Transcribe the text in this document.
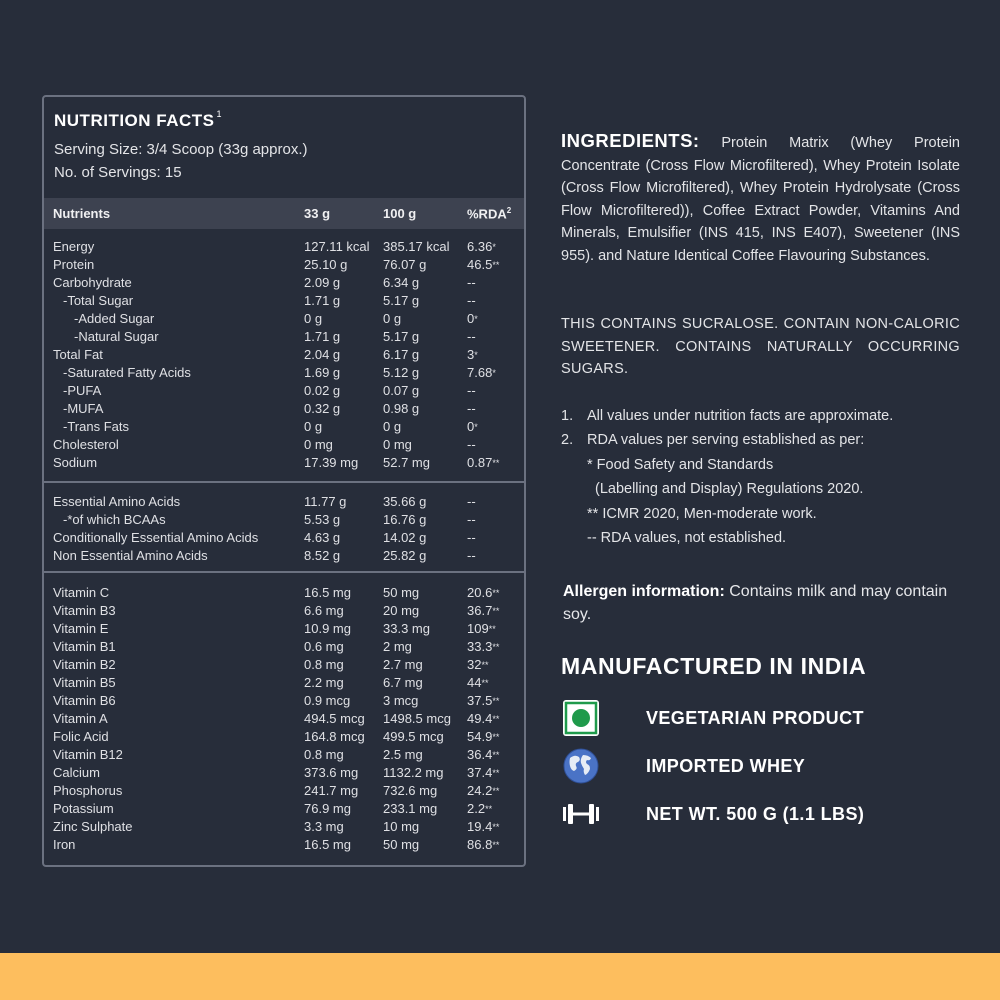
NUTRITION FACTS $^1$
Serving Size: 3/4 Scoop (33g approx.)
No. of Servings: 15
Nutrients	33 g	100 g	%RDA$^2$
Energy	127.11 kcal 385.17 kcal 6.36*
Protein	25.10 g	76.07 g	46.5**
Carbohydrate	2.09 g	6.34 g	--
-Total Sugar	1.71 g	5.17 g	--
-Added Sugar	0 g	0 g	0*
-Natural Sugar	1.71 g	5.17 g	--
Total Fat	2.04 g	6.17 g	3*
-Saturated Fatty Acids	1.69 g	5.12 g	7.68*
-PUFA	0.02 g	0.07 g	--
-MUFA	0.32 g	0.98 g	--
-Trans Fats	0 g	0 g	0*
Cholesterol	0 mg	0 mg	--
Sodium	17.39 mg 52.7 mg	0.87**
Essential Amino Acids	11.77 g	35.66 g	--
-*of which BCAAs	5.53 g	16.76 g	--
Conditionally Essential Amino Acids	4.63 g	14.02 g	--
Non Essential Amino Acids	8.52 g	25.82 g	--
Vitamin C	16.5 mg 50 mg	20.6**
Vitamin B3	6.6 mg	20 mg	36.7**
Vitamin E	10.9 mg 33.3 mg	109**
Vitamin B1	0.6 mg	2 mg	33.3**
Vitamin B2	0.8 mg	2.7 mg	32**
Vitamin B5	2.2 mg	6.7 mg	44**
Vitamin B6	0.9 mcg	3 mcg	37.5**
Vitamin A	494.5 mcg 1498.5 mcg 49.4**
Folic Acid	164.8 mcg 499.5 mcg 54.9**
Vitamin B12	0.8 mg	2.5 mg	36.4**
Calcium	373.6 mg 1132.2 mg 37.4**
Phosphorus	241.7 mg 732.6 mg 24.2**
Potassium	76.9 mg 233.1 mg 2.2**
Zinc Sulphate	3.3 mg	10 mg	19.4**
Iron	16.5 mg 50 mg	86.8**
INGREDIENTS: Protein Matrix (Whey Protein Concentrate (Cross Flow Microfiltered), Whey Protein Isolate (Cross Flow Microfiltered), Whey Protein Hydrolysate (Cross Flow Microfiltered)), Coffee Extract Powder, Vitamins And Minerals, Emulsifier (INS 415, INS E407), Sweetener (INS 955). and Nature Identical Coffee Flavouring Substances.
THIS CONTAINS SUCRALOSE. CONTAIN NON-CALORIC SWEETENER. CONTAINS NATURALLY OCCURRING SUGARS.
1. All values under nutrition facts are approximate.
2. RDA values per serving established as per:
* Food Safety and Standards
(Labelling and Display) Regulations 2020.
** ICMR 2020, Men-moderate work.
-- RDA values, not established.
Allergen information: Contains milk and may contain soy.
MANUFACTURED IN INDIA
VEGETARIAN PRODUCT
IMPORTED WHEY
NET WT. 500 G (1.1 LBS)
